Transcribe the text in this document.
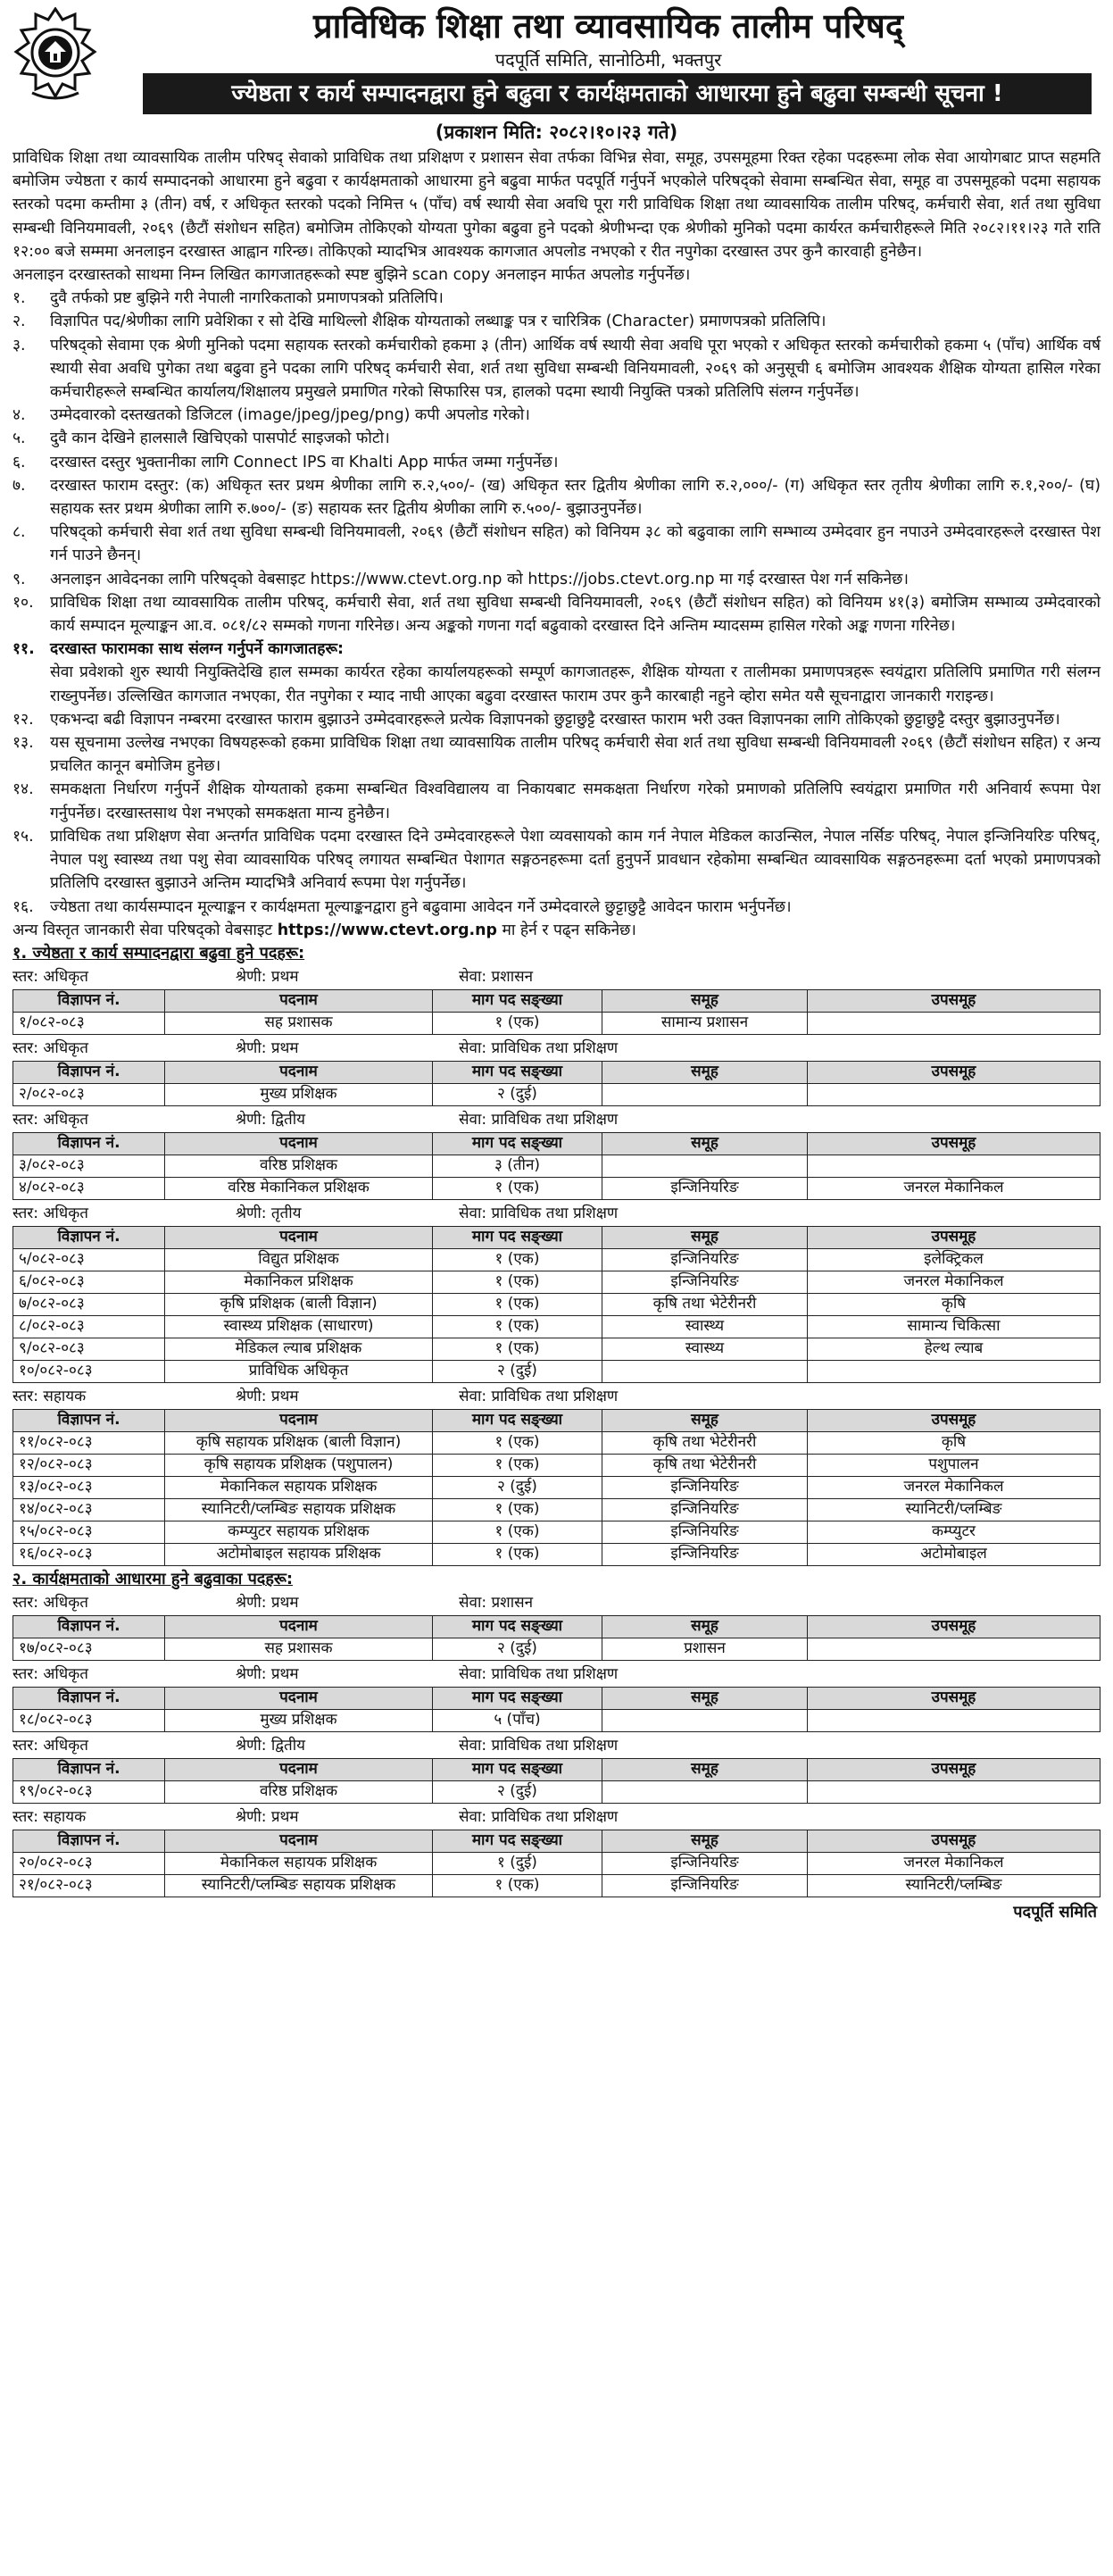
प्राविधिक शिक्षा तथा व्यावसायिक तालीम परिषद्
पदपूर्ति समिति, सानोठिमी, भक्तपुर
ज्येष्ठता र कार्य सम्पादनद्वारा हुने बढुवा र कार्यक्षमताको आधारमा हुने बढुवा सम्बन्धी सूचना !
(प्रकाशन मिति: २०८२।१०।२३ गते)

प्राविधिक शिक्षा तथा व्यावसायिक तालीम परिषद् सेवाको प्राविधिक तथा प्रशिक्षण र प्रशासन सेवा तर्फका विभिन्न सेवा, समूह, उपसमूहमा रिक्त रहेका पदहरूमा लोक सेवा आयोगबाट प्राप्त सहमति बमोजिम ज्येष्ठता र कार्य सम्पादनको आधारमा हुने बढुवा र कार्यक्षमताको आधारमा हुने बढुवा मार्फत पदपूर्ति गर्नुपर्ने भएकोले परिषद्को सेवामा सम्बन्धित सेवा, समूह वा उपसमूहको पदमा सहायक स्तरको पदमा कम्तीमा ३ (तीन) वर्ष, र अधिकृत स्तरको पदको निमित्त ५ (पाँच) वर्ष स्थायी सेवा अवधि पूरा गरी प्राविधिक शिक्षा तथा व्यावसायिक तालीम परिषद्, कर्मचारी सेवा, शर्त तथा सुविधा सम्बन्धी विनियमावली, २०६९ (छैटौं संशोधन सहित) बमोजिम तोकिएको योग्यता पुगेका बढुवा हुने पदको श्रेणीभन्दा एक श्रेणीको मुनिको पदमा कार्यरत कर्मचारीहरूले मिति २०८२।११।२३ गते राति १२:०० बजे सम्ममा अनलाइन दरखास्त आह्वान गरिन्छ। तोकिएको म्यादभित्र आवश्यक कागजात अपलोड नभएको र रीत नपुगेका दरखास्त उपर कुनै कारवाही हुनेछैन।

अनलाइन दरखास्तको साथमा निम्न लिखित कागजातहरूको स्पष्ट बुझिने scan copy अनलाइन मार्फत अपलोड गर्नुपर्नेछ।

१.	दुवै तर्फको प्रष्ट बुझिने गरी नेपाली नागरिकताको प्रमाणपत्रको प्रतिलिपि।
२.	विज्ञापित पद/श्रेणीका लागि प्रवेशिका र सो देखि माथिल्लो शैक्षिक योग्यताको लब्धाङ्क पत्र र चारित्रिक (Character) प्रमाणपत्रको प्रतिलिपि।
३.	परिषद्को सेवामा एक श्रेणी मुनिको पदमा सहायक स्तरको कर्मचारीको हकमा ३ (तीन) आर्थिक वर्ष स्थायी सेवा अवधि पूरा भएको र अधिकृत स्तरको कर्मचारीको हकमा ५ (पाँच) आर्थिक वर्ष स्थायी सेवा अवधि पुगेका तथा बढुवा हुने पदका लागि परिषद् कर्मचारी सेवा, शर्त तथा सुविधा सम्बन्धी विनियमावली, २०६९ को अनुसूची ६ बमोजिम आवश्यक शैक्षिक योग्यता हासिल गरेका कर्मचारीहरूले सम्बन्धित कार्यालय/शिक्षालय प्रमुखले प्रमाणित गरेको सिफारिस पत्र, हालको पदमा स्थायी नियुक्ति पत्रको प्रतिलिपि संलग्न गर्नुपर्नेछ।
४.	उम्मेदवारको दस्तखतको डिजिटल (image/jpeg/jpeg/png) कपी अपलोड गरेको।
५.	दुवै कान देखिने हालसालै खिचिएको पासपोर्ट साइजको फोटो।
६.	दरखास्त दस्तुर भुक्तानीका लागि Connect IPS वा Khalti App मार्फत जम्मा गर्नुपर्नेछ।
७.	दरखास्त फाराम दस्तुर: (क) अधिकृत स्तर प्रथम श्रेणीका लागि रु.२,५००/- (ख) अधिकृत स्तर द्वितीय श्रेणीका लागि रु.२,०००/- (ग) अधिकृत स्तर तृतीय श्रेणीका लागि रु.१,२००/- (घ) सहायक स्तर प्रथम श्रेणीका लागि रु.७००/- (ङ) सहायक स्तर द्वितीय श्रेणीका लागि रु.५००/- बुझाउनुपर्नेछ।
८.	परिषद्को कर्मचारी सेवा शर्त तथा सुविधा सम्बन्धी विनियमावली, २०६९ (छैटौं संशोधन सहित) को विनियम ३८ को बढुवाका लागि सम्भाव्य उम्मेदवार हुन नपाउने उम्मेदवारहरूले दरखास्त पेश गर्न पाउने छैनन्।
९.	अनलाइन आवेदनका लागि परिषद्को वेबसाइट https://www.ctevt.org.np को https://jobs.ctevt.org.np मा गई दरखास्त पेश गर्न सकिनेछ।
१०.	प्राविधिक शिक्षा तथा व्यावसायिक तालीम परिषद्, कर्मचारी सेवा, शर्त तथा सुविधा सम्बन्धी विनियमावली, २०६९ (छैटौं संशोधन सहित) को विनियम ४१(३) बमोजिम सम्भाव्य उम्मेदवारको कार्य सम्पादन मूल्याङ्कन आ.व. ०८१/८२ सम्मको गणना गरिनेछ। अन्य अङ्कको गणना गर्दा बढुवाको दरखास्त दिने अन्तिम म्यादसम्म हासिल गरेको अङ्क गणना गरिनेछ।
११. दरखास्त फारामका साथ संलग्न गर्नुपर्ने कागजातहरू:
सेवा प्रवेशको शुरु स्थायी नियुक्तिदेखि हाल सम्मका कार्यरत रहेका कार्यालयहरूको सम्पूर्ण कागजातहरू, शैक्षिक योग्यता र तालीमका प्रमाणपत्रहरू स्वयंद्वारा प्रतिलिपि प्रमाणित गरी संलग्न राख्नुपर्नेछ। उल्लिखित कागजात नभएका, रीत नपुगेका र म्याद नाघी आएका बढुवा दरखास्त फाराम उपर कुनै कारबाही नहुने व्होरा समेत यसै सूचनाद्वारा जानकारी गराइन्छ।
१२.	एकभन्दा बढी विज्ञापन नम्बरमा दरखास्त फाराम बुझाउने उम्मेदवारहरूले प्रत्येक विज्ञापनको छुट्टाछुट्टै दरखास्त फाराम भरी उक्त विज्ञापनका लागि तोकिएको छुट्टाछुट्टै दस्तुर बुझाउनुपर्नेछ।
१३.	यस सूचनामा उल्लेख नभएका विषयहरूको हकमा प्राविधिक शिक्षा तथा व्यावसायिक तालीम परिषद् कर्मचारी सेवा शर्त तथा सुविधा सम्बन्धी विनियमावली २०६९ (छैटौं संशोधन सहित) र अन्य प्रचलित कानून बमोजिम हुनेछ।
१४.	समकक्षता निर्धारण गर्नुपर्ने शैक्षिक योग्यताको हकमा सम्बन्धित विश्वविद्यालय वा निकायबाट समकक्षता निर्धारण गरेको प्रमाणको प्रतिलिपि स्वयंद्वारा प्रमाणित गरी अनिवार्य रूपमा पेश गर्नुपर्नेछ। दरखास्तसाथ पेश नभएको समकक्षता मान्य हुनेछैन।
१५.	प्राविधिक तथा प्रशिक्षण सेवा अन्तर्गत प्राविधिक पदमा दरखास्त दिने उम्मेदवारहरूले पेशा व्यवसायको काम गर्न नेपाल मेडिकल काउन्सिल, नेपाल नर्सिङ परिषद्, नेपाल इन्जिनियरिङ परिषद्, नेपाल पशु स्वास्थ्य तथा पशु सेवा व्यावसायिक परिषद् लगायत सम्बन्धित पेशागत सङ्गठनहरूमा दर्ता हुनुपर्ने प्रावधान रहेकोमा सम्बन्धित व्यावसायिक सङ्गठनहरूमा दर्ता भएको प्रमाणपत्रको प्रतिलिपि दरखास्त बुझाउने अन्तिम म्यादभित्रै अनिवार्य रूपमा पेश गर्नुपर्नेछ।
१६.	ज्येष्ठता तथा कार्यसम्पादन मूल्याङ्कन र कार्यक्षमता मूल्याङ्कनद्वारा हुने बढुवामा आवेदन गर्ने उम्मेदवारले छुट्टाछुट्टै आवेदन फाराम भर्नुपर्नेछ।

अन्य विस्तृत जानकारी सेवा परिषद्को वेबसाइट https://www.ctevt.org.np मा हेर्न र पढ्न सकिनेछ।

१. ज्येष्ठता र कार्य सम्पादनद्वारा बढुवा हुने पदहरू:
स्तर: अधिकृत	श्रेणी: प्रथम	सेवा: प्रशासन
विज्ञापन नं.	पदनाम	माग पद सङ्ख्या	समूह	उपसमूह
१/०८२-०८३	सह प्रशासक	१ (एक)	सामान्य प्रशासन	
स्तर: अधिकृत	श्रेणी: प्रथम	सेवा: प्राविधिक तथा प्रशिक्षण
विज्ञापन नं.	पदनाम	माग पद सङ्ख्या	समूह	उपसमूह
२/०८२-०८३	मुख्य प्रशिक्षक	२ (दुई)		
स्तर: अधिकृत	श्रेणी: द्वितीय	सेवा: प्राविधिक तथा प्रशिक्षण
विज्ञापन नं.	पदनाम	माग पद सङ्ख्या	समूह	उपसमूह
३/०८२-०८३	वरिष्ठ प्रशिक्षक	३ (तीन)		
४/०८२-०८३	वरिष्ठ मेकानिकल प्रशिक्षक	१ (एक)	इन्जिनियरिङ	जनरल मेकानिकल
स्तर: अधिकृत	श्रेणी: तृतीय	सेवा: प्राविधिक तथा प्रशिक्षण
विज्ञापन नं.	पदनाम	माग पद सङ्ख्या	समूह	उपसमूह
५/०८२-०८३	विद्युत प्रशिक्षक	१ (एक)	इन्जिनियरिङ	इलेक्ट्रिकल
६/०८२-०८३	मेकानिकल प्रशिक्षक	१ (एक)	इन्जिनियरिङ	जनरल मेकानिकल
७/०८२-०८३	कृषि प्रशिक्षक (बाली विज्ञान)	१ (एक)	कृषि तथा भेटेरीनरी	कृषि
८/०८२-०८३	स्वास्थ्य प्रशिक्षक (साधारण)	१ (एक)	स्वास्थ्य	सामान्य चिकित्सा
९/०८२-०८३	मेडिकल ल्याब प्रशिक्षक	१ (एक)	स्वास्थ्य	हेल्थ ल्याब
१०/०८२-०८३	प्राविधिक अधिकृत	२ (दुई)		
स्तर: सहायक	श्रेणी: प्रथम	सेवा: प्राविधिक तथा प्रशिक्षण
विज्ञापन नं.	पदनाम	माग पद सङ्ख्या	समूह	उपसमूह
११/०८२-०८३	कृषि सहायक प्रशिक्षक (बाली विज्ञान)	१ (एक)	कृषि तथा भेटेरीनरी	कृषि
१२/०८२-०८३	कृषि सहायक प्रशिक्षक (पशुपालन)	१ (एक)	कृषि तथा भेटेरीनरी	पशुपालन
१३/०८२-०८३	मेकानिकल सहायक प्रशिक्षक	२ (दुई)	इन्जिनियरिङ	जनरल मेकानिकल
१४/०८२-०८३	स्यानिटरी/प्लम्बिङ सहायक प्रशिक्षक	१ (एक)	इन्जिनियरिङ	स्यानिटरी/प्लम्बिङ
१५/०८२-०८३	कम्प्युटर सहायक प्रशिक्षक	१ (एक)	इन्जिनियरिङ	कम्प्युटर
१६/०८२-०८३	अटोमोबाइल सहायक प्रशिक्षक	१ (एक)	इन्जिनियरिङ	अटोमोबाइल
२. कार्यक्षमताको आधारमा हुने बढुवाका पदहरू:
स्तर: अधिकृत	श्रेणी: प्रथम	सेवा: प्रशासन
विज्ञापन नं.	पदनाम	माग पद सङ्ख्या	समूह	उपसमूह
१७/०८२-०८३	सह प्रशासक	२ (दुई)	प्रशासन	
स्तर: अधिकृत	श्रेणी: प्रथम	सेवा: प्राविधिक तथा प्रशिक्षण
विज्ञापन नं.	पदनाम	माग पद सङ्ख्या	समूह	उपसमूह
१८/०८२-०८३	मुख्य प्रशिक्षक	५ (पाँच)		
स्तर: अधिकृत	श्रेणी: द्वितीय	सेवा: प्राविधिक तथा प्रशिक्षण
विज्ञापन नं.	पदनाम	माग पद सङ्ख्या	समूह	उपसमूह
१९/०८२-०८३	वरिष्ठ प्रशिक्षक	२ (दुई)		
स्तर: सहायक	श्रेणी: प्रथम	सेवा: प्राविधिक तथा प्रशिक्षण
विज्ञापन नं.	पदनाम	माग पद सङ्ख्या	समूह	उपसमूह
२०/०८२-०८३	मेकानिकल सहायक प्रशिक्षक	१ (दुई)	इन्जिनियरिङ	जनरल मेकानिकल
२१/०८२-०८३	स्यानिटरी/प्लम्बिङ सहायक प्रशिक्षक	१ (एक)	इन्जिनियरिङ	स्यानिटरी/प्लम्बिङ
पदपूर्ति समिति
